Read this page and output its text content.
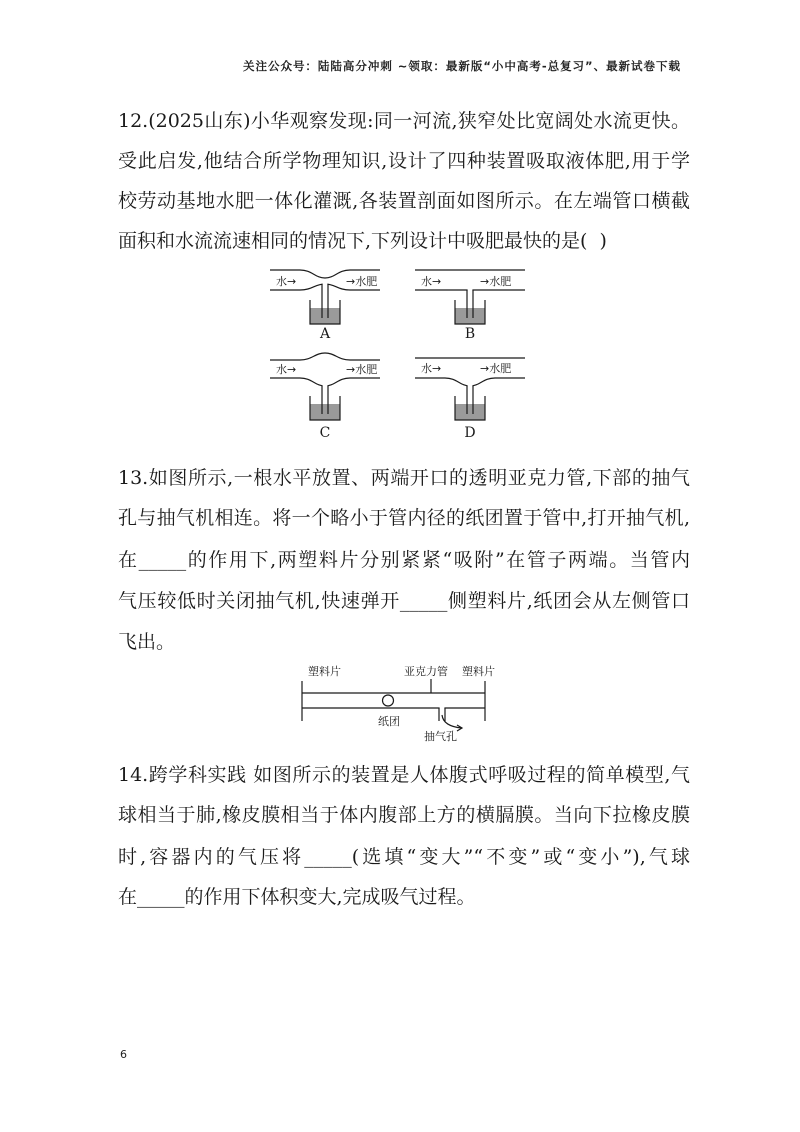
关注公众号：陆陆高分冲刺 ~领取：最新版“小中高考-总复习”、最新试卷下载
12.(2025山东)小华观察发现:同一河流,狭窄处比宽阔处水流更快。
受此启发,他结合所学物理知识,设计了四种装置吸取液体肥,用于学
校劳动基地水肥一体化灌溉,各装置剖面如图所示。在左端管口横截
面积和水流流速相同的情况下,下列设计中吸肥最快的是(  )
水→	→水肥
A
水→	→水肥
B
水→	→水肥
C
水→	→水肥
D
13.如图所示,一根水平放置、两端开口的透明亚克力管,下部的抽气
孔与抽气机相连。将一个略小于管内径的纸团置于管中,打开抽气机,
在_____的作用下,两塑料片分别紧紧“吸附”在管子两端。当管内
气压较低时关闭抽气机,快速弹开_____侧塑料片,纸团会从左侧管口
飞出。
塑料片	亚克力管 塑料片
纸团
抽气孔
14.跨学科实践 如图所示的装置是人体腹式呼吸过程的简单模型,气
球相当于肺,橡皮膜相当于体内腹部上方的横膈膜。当向下拉橡皮膜
时,容器内的气压将_____(选填“变大”“不变”或“变小”),气球
在_____的作用下体积变大,完成吸气过程。
6
